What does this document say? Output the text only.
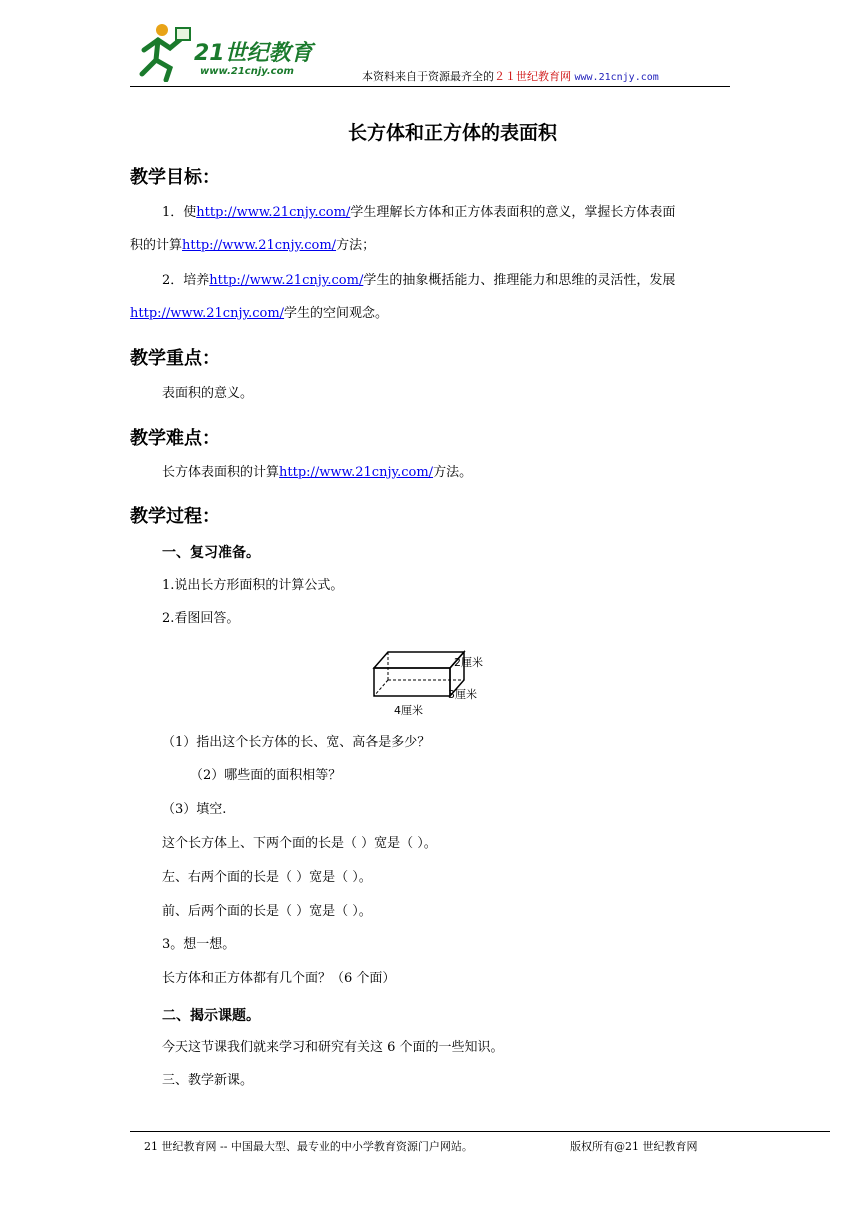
21世纪教育
www.21cnjy.com	本资料来自于资源最齐全的２１世纪教育网 www.21cnjy.com
长方体和正方体的表面积
教学目标：
1．使http://www.21cnjy.com/学生理解长方体和正方体表面积的意义，掌握长方体表面
积的计算http://www.21cnjy.com/方法；
2．培养http://www.21cnjy.com/学生的抽象概括能力、推理能力和思维的灵活性，发展
http://www.21cnjy.com/学生的空间观念。
教学重点：
表面积的意义。
教学难点：
长方体表面积的计算http://www.21cnjy.com/方法。
教学过程：
一、复习准备。
1.说出长方形面积的计算公式。
2.看图回答。
2厘米
3厘米
4厘米
（1）指出这个长方体的长、宽、高各是多少？
（2）哪些面的面积相等？
（3）填空.
这个长方体上、下两个面的长是（ ）宽是（ ）。
左、右两个面的长是（ ）宽是（ ）。
前、后两个面的长是（ ）宽是（ ）。
3。想一想。
长方体和正方体都有几个面？（6 个面）
二、揭示课题。
今天这节课我们就来学习和研究有关这 6 个面的一些知识。
三、教学新课。
21 世纪教育网 -- 中国最大型、最专业的中小学教育资源门户网站。	版权所有@21 世纪教育网
